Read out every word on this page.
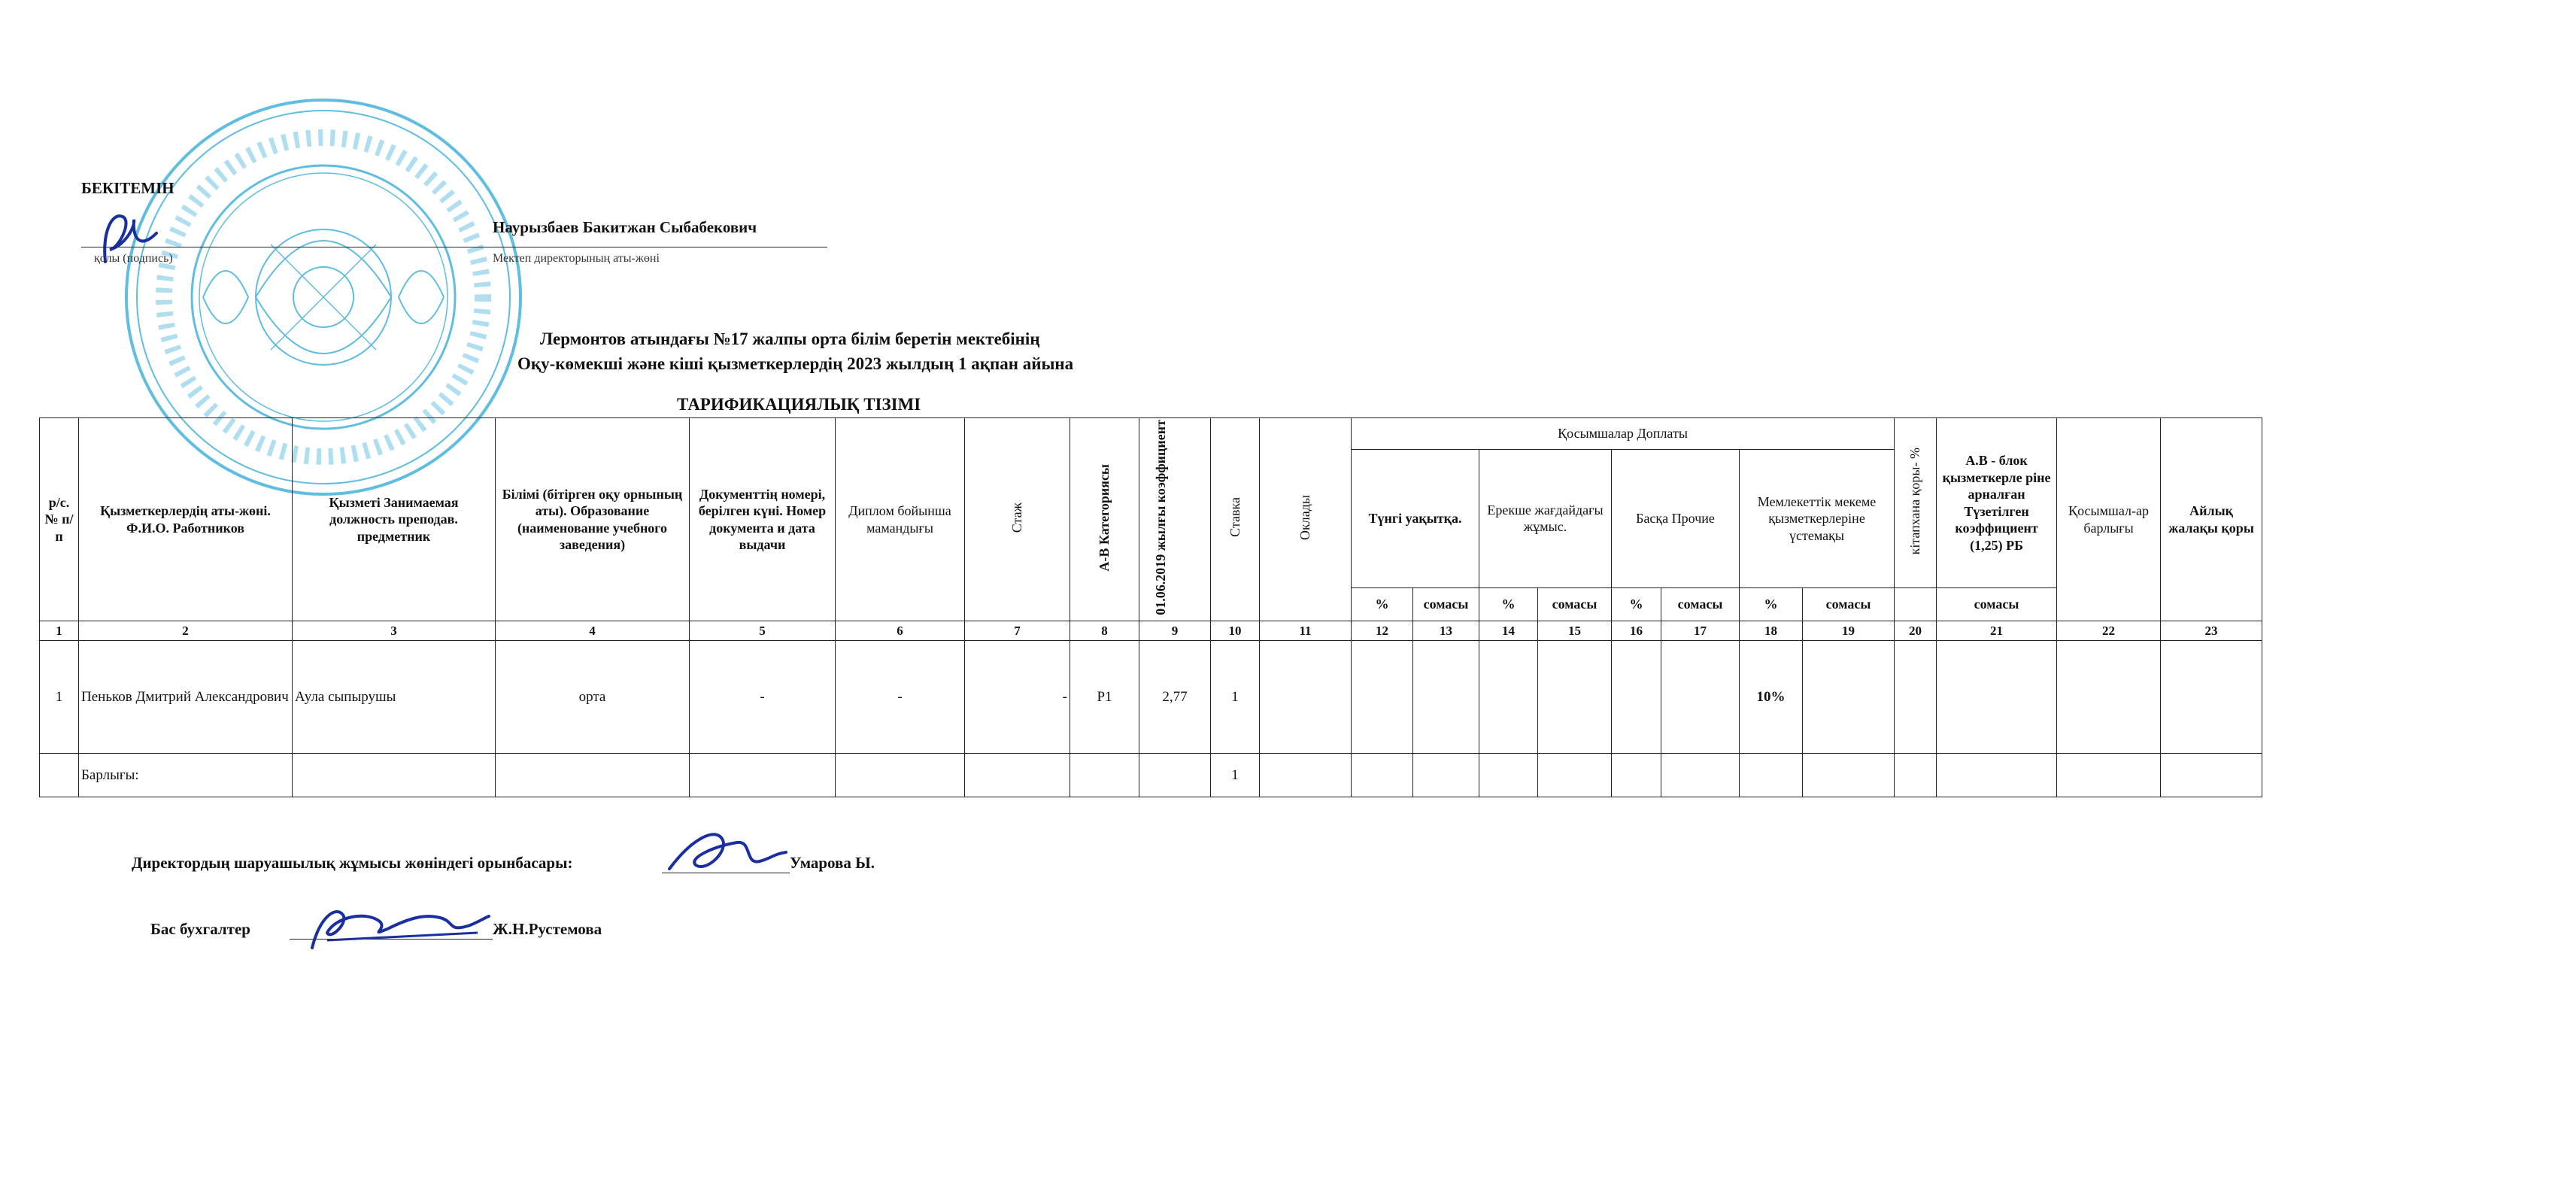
БЕКІТЕМІН
қолы (подпись)
Наурызбаев Бакитжан Сыбабекович
Мектеп директорының аты-жөні
Лермонтов атындағы №17 жалпы орта білім беретін мектебінің
Оқу-көмекші және кіші қызметкерлердің 2023 жылдың 1 ақпан айына
ТАРИФИКАЦИЯЛЫҚ ТІЗІМІ
р/с. № п/п	Қызметкерлердің аты-жөні. Ф.И.О. Работников	Қызметі Занимаемая должность преподав. предметник	Білімі (бітірген оқу орнының аты). Образование (наименование учебного заведения)	Документтің номері, берілген күні. Номер документа и дата выдачи	Диплом бойынша мамандығы	Стаж	А-В Категориясы	01.06.2019 жылғы коэффициент	Ставка	Оклады	Қосымшалар Доплаты								кітапхана қоры- %	А.В - блок қызметкерле ріне арналған Түзетілген коэффициент (1,25) РБ	Қосымшал-ар барлығы	Айлық жалақы қоры
											Түнгі уақытқа.		Ерекше жағдайдағы жұмыс.		Басқа Прочие		Мемлекеттік мекеме қызметкерлеріне үстемақы					
											%	сомасы	%	сомасы	%	сомасы	%	сомасы		сомасы		
1	2	3	4	5	6	7	8	9	10	11	12	13	14	15	16	17	18	19	20	21	22	23
1	Пеньков Дмитрий Александрович	Аула сыпырушы	орта	-	-	-	Р1	2,77	1								10%					
	Барлығы:								1													
Директордың шаруашылық жұмысы жөніндегі орынбасары:	Умарова Ы.
Бас бухгалтер	Ж.Н.Рустемова
